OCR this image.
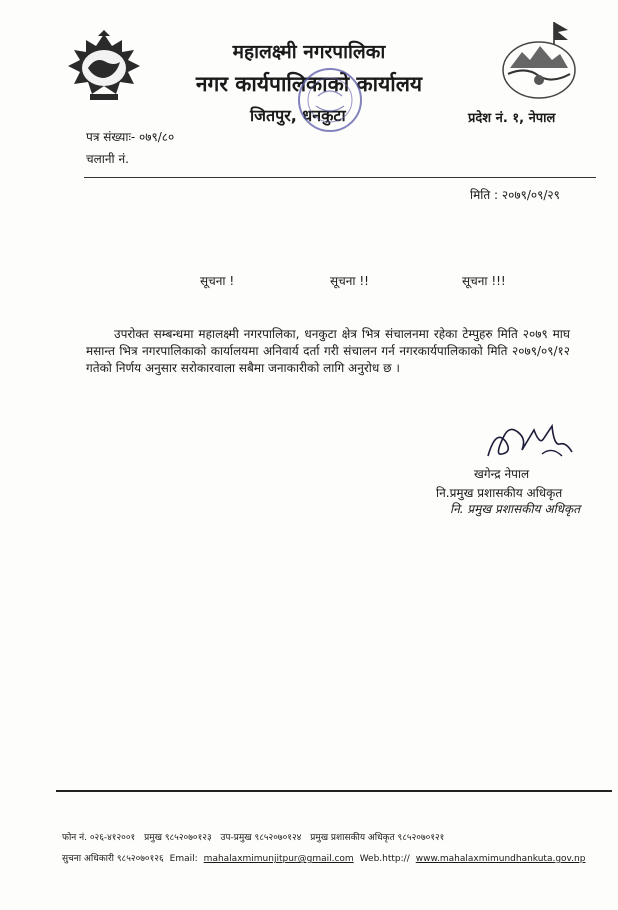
महालक्ष्मी नगरपालिका
नगर कार्यपालिकाको कार्यालय
जितपुर, धनकुटा	प्रदेश नं. १, नेपाल
पत्र संख्याः- ०७९/८०
चलानी नं.
मिति : २०७९/०९/२९
सूचना !	सूचना !!	सूचना !!!
उपरोक्त सम्बन्धमा महालक्ष्मी नगरपालिका, धनकुटा क्षेत्र भित्र संचालनमा रहेका टेम्पुहरु मिति २०७९ माघ मसान्त भित्र नगरपालिकाको कार्यालयमा अनिवार्य दर्ता गरी संचालन गर्न नगरकार्यपालिकाको मिति २०७९/०९/१२ गतेको निर्णय अनुसार सरोकारवाला सबैमा जनाकारीको लागि अनुरोध छ ।
खगेन्द्र नेपाल
नि.प्रमुख प्रशासकीय अधिकृत
नि. प्रमुख प्रशासकीय अधिकृत
फोन नं. ०२६-४१२००१ प्रमुख ९८५२०७०१२३ उप-प्रमुख ९८५२०७०१२४ प्रमुख प्रशासकीय अधिकृत ९८५२०७०१२१
सुचना अधिकारी ९८५२०७०१२६ Email: mahalaxmimunjitpur@gmail.com Web.http:// www.mahalaxmimundhankuta.gov.np
